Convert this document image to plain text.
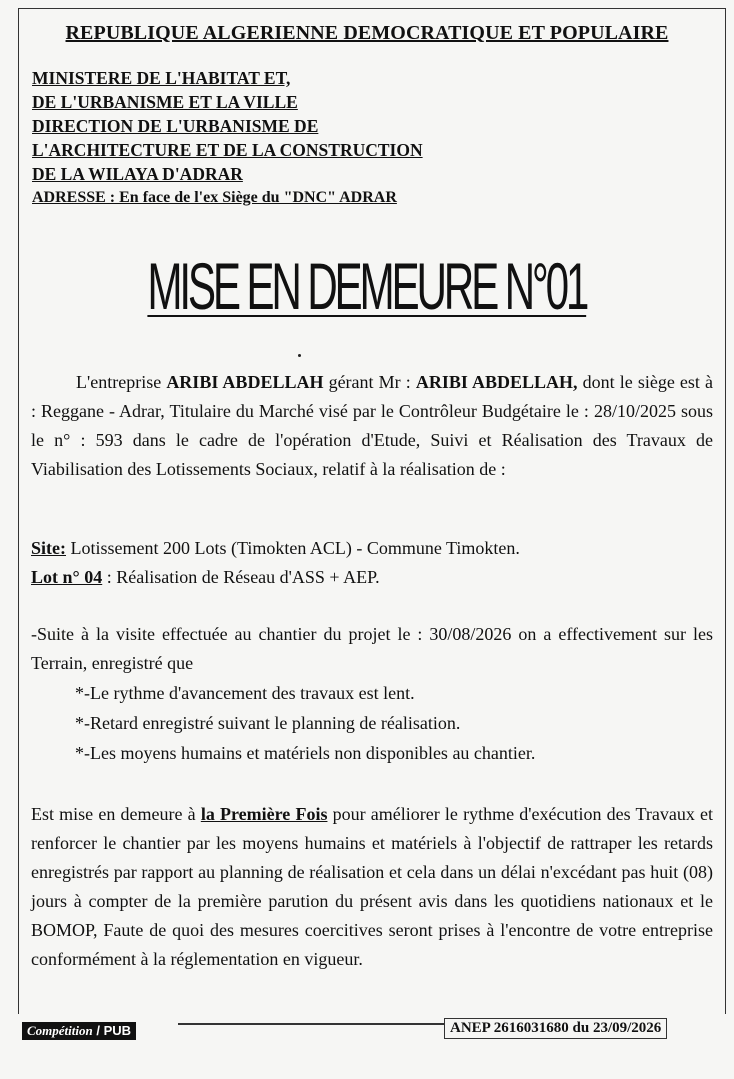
REPUBLIQUE ALGERIENNE DEMOCRATIQUE ET POPULAIRE
MINISTERE DE L'HABITAT ET,
DE L'URBANISME ET LA VILLE
DIRECTION DE L'URBANISME DE
L'ARCHITECTURE ET DE LA CONSTRUCTION
DE LA WILAYA D'ADRAR
ADRESSE : En face de l'ex Siège du "DNC" ADRAR
MISE EN DEMEURE N°01
L'entreprise ARIBI ABDELLAH gérant Mr : ARIBI ABDELLAH, dont le siège est à : Reggane - Adrar, Titulaire du Marché visé par le Contrôleur Budgétaire le : 28/10/2025 sous le n° : 593 dans le cadre de l'opération d'Etude, Suivi et Réalisation des Travaux de Viabilisation des Lotissements Sociaux, relatif à la réalisation de :
Site: Lotissement 200 Lots (Timokten ACL) - Commune Timokten.
Lot n° 04 : Réalisation de Réseau d'ASS + AEP.
-Suite à la visite effectuée au chantier du projet le : 30/08/2026 on a effectivement sur les Terrain, enregistré que
*-Le rythme d'avancement des travaux est lent.
*-Retard enregistré suivant le planning de réalisation.
*-Les moyens humains et matériels non disponibles au chantier.
Est mise en demeure à la Première Fois pour améliorer le rythme d'exécution des Travaux et renforcer le chantier par les moyens humains et matériels à l'objectif de rattraper les retards enregistrés par rapport au planning de réalisation et cela dans un délai n'excédant pas huit (08) jours à compter de la première parution du présent avis dans les quotidiens nationaux et le BOMOP, Faute de quoi des mesures coercitives seront prises à l'encontre de votre entreprise conformément à la réglementation en vigueur.
Compétition / PUB	ANEP 2616031680 du 23/09/2026
